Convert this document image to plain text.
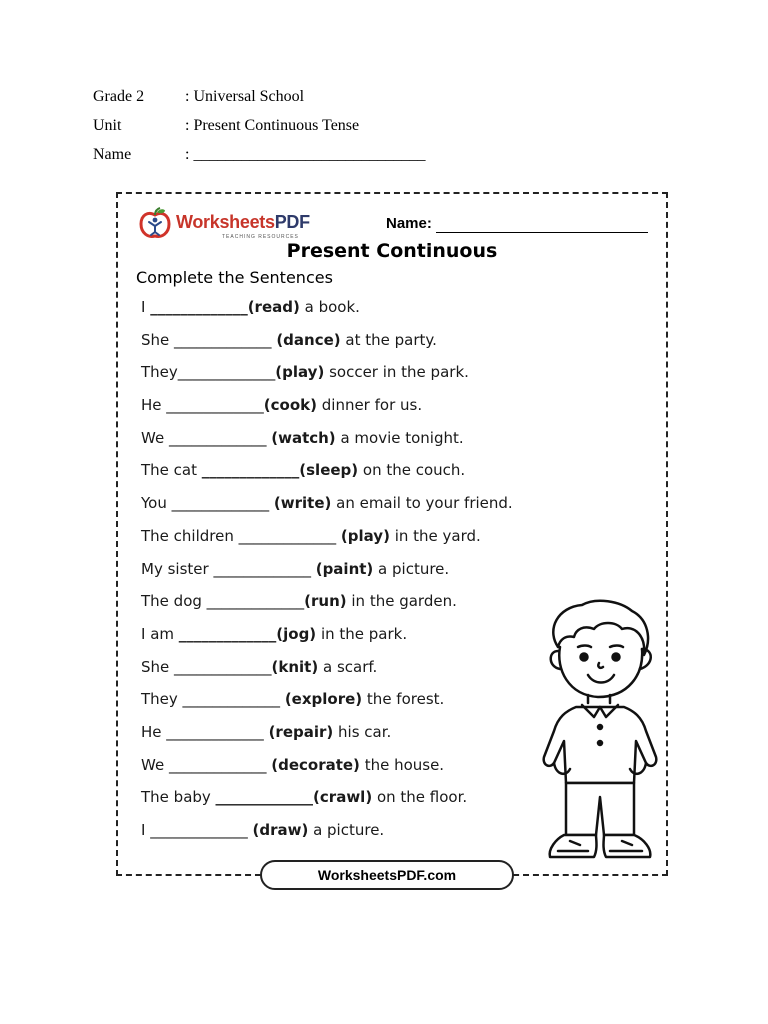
Grade 2	: Universal School
Unit	: Present Continuous Tense
Name	: _____________________________
WorksheetsPDF
TEACHING RESOURCES
Name:
Present Continuous
Complete the Sentences
I _____________(read) a book.
She _____________ (dance) at the party.
They_____________(play) soccer in the park.
He _____________(cook) dinner for us.
We _____________ (watch) a movie tonight.
The cat _____________(sleep) on the couch.
You _____________ (write) an email to your friend.
The children _____________ (play) in the yard.
My sister _____________ (paint) a picture.
The dog _____________(run) in the garden.
I am _____________(jog) in the park.
She _____________(knit) a scarf.
They _____________ (explore) the forest.
He _____________ (repair) his car.
We _____________ (decorate) the house.
The baby _____________(crawl) on the floor.
I _____________ (draw) a picture.
WorksheetsPDF.com
